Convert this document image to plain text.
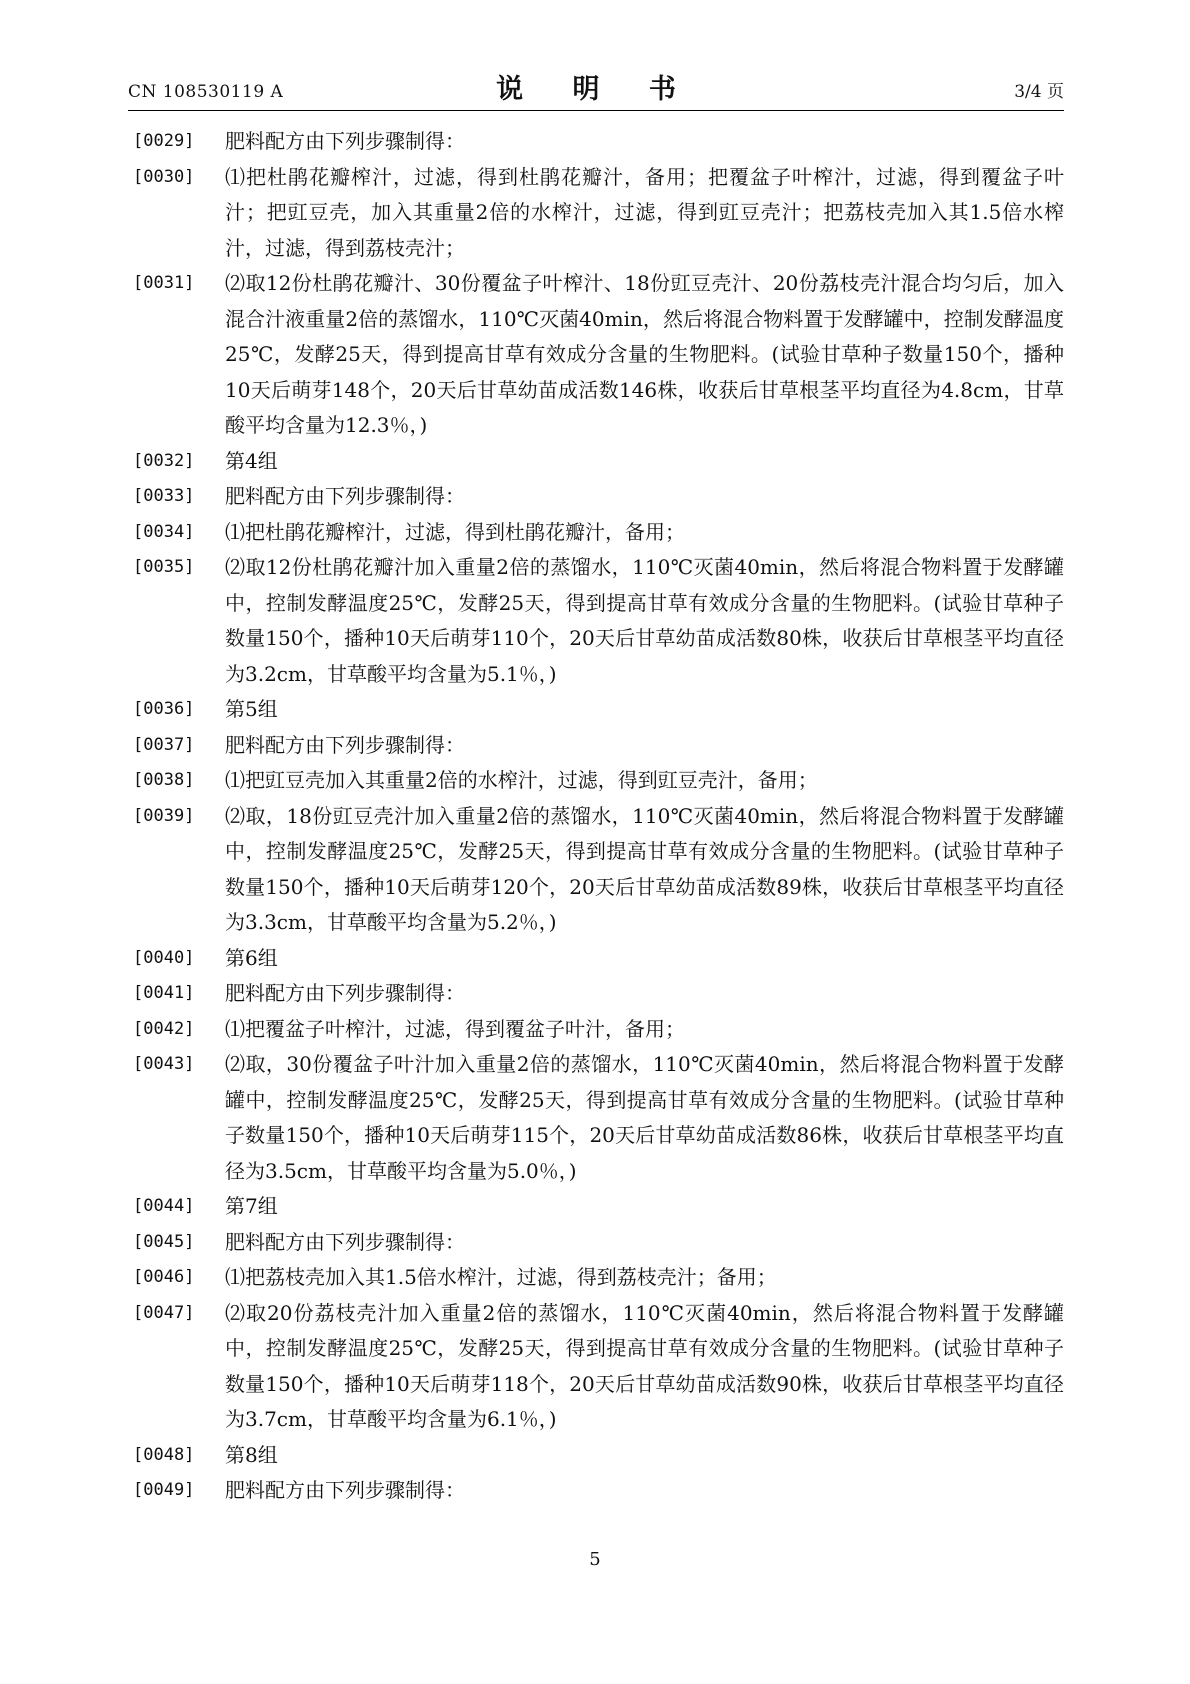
CN 108530119 A	说 明 书	3/4 页
[0029]	肥料配方由下列步骤制得：
[0030]	⑴把杜鹃花瓣榨汁，过滤，得到杜鹃花瓣汁，备用；把覆盆子叶榨汁，过滤，得到覆盆子叶汁；把豇豆壳，加入其重量2倍的水榨汁，过滤，得到豇豆壳汁；把荔枝壳加入其1.5倍水榨汁，过滤，得到荔枝壳汁；
[0031]	⑵取12份杜鹃花瓣汁、30份覆盆子叶榨汁、18份豇豆壳汁、20份荔枝壳汁混合均匀后，加入混合汁液重量2倍的蒸馏水，110℃灭菌40min，然后将混合物料置于发酵罐中，控制发酵温度25℃，发酵25天，得到提高甘草有效成分含量的生物肥料。(试验甘草种子数量150个，播种10天后萌芽148个，20天后甘草幼苗成活数146株，收获后甘草根茎平均直径为4.8cm，甘草酸平均含量为12.3％，)
[0032]	第4组
[0033]	肥料配方由下列步骤制得：
[0034]	⑴把杜鹃花瓣榨汁，过滤，得到杜鹃花瓣汁，备用；
[0035]	⑵取12份杜鹃花瓣汁加入重量2倍的蒸馏水，110℃灭菌40min，然后将混合物料置于发酵罐中，控制发酵温度25℃，发酵25天，得到提高甘草有效成分含量的生物肥料。(试验甘草种子数量150个，播种10天后萌芽110个，20天后甘草幼苗成活数80株，收获后甘草根茎平均直径为3.2cm，甘草酸平均含量为5.1％，)
[0036]	第5组
[0037]	肥料配方由下列步骤制得：
[0038]	⑴把豇豆壳加入其重量2倍的水榨汁，过滤，得到豇豆壳汁，备用；
[0039]	⑵取，18份豇豆壳汁加入重量2倍的蒸馏水，110℃灭菌40min，然后将混合物料置于发酵罐中，控制发酵温度25℃，发酵25天，得到提高甘草有效成分含量的生物肥料。(试验甘草种子数量150个，播种10天后萌芽120个，20天后甘草幼苗成活数89株，收获后甘草根茎平均直径为3.3cm，甘草酸平均含量为5.2％，)
[0040]	第6组
[0041]	肥料配方由下列步骤制得：
[0042]	⑴把覆盆子叶榨汁，过滤，得到覆盆子叶汁，备用；
[0043]	⑵取，30份覆盆子叶汁加入重量2倍的蒸馏水，110℃灭菌40min，然后将混合物料置于发酵罐中，控制发酵温度25℃，发酵25天，得到提高甘草有效成分含量的生物肥料。(试验甘草种子数量150个，播种10天后萌芽115个，20天后甘草幼苗成活数86株，收获后甘草根茎平均直径为3.5cm，甘草酸平均含量为5.0％，)
[0044]	第7组
[0045]	肥料配方由下列步骤制得：
[0046]	⑴把荔枝壳加入其1.5倍水榨汁，过滤，得到荔枝壳汁；备用；
[0047]	⑵取20份荔枝壳汁加入重量2倍的蒸馏水，110℃灭菌40min，然后将混合物料置于发酵罐中，控制发酵温度25℃，发酵25天，得到提高甘草有效成分含量的生物肥料。(试验甘草种子数量150个，播种10天后萌芽118个，20天后甘草幼苗成活数90株，收获后甘草根茎平均直径为3.7cm，甘草酸平均含量为6.1％，)
[0048]	第8组
[0049]	肥料配方由下列步骤制得：
5
